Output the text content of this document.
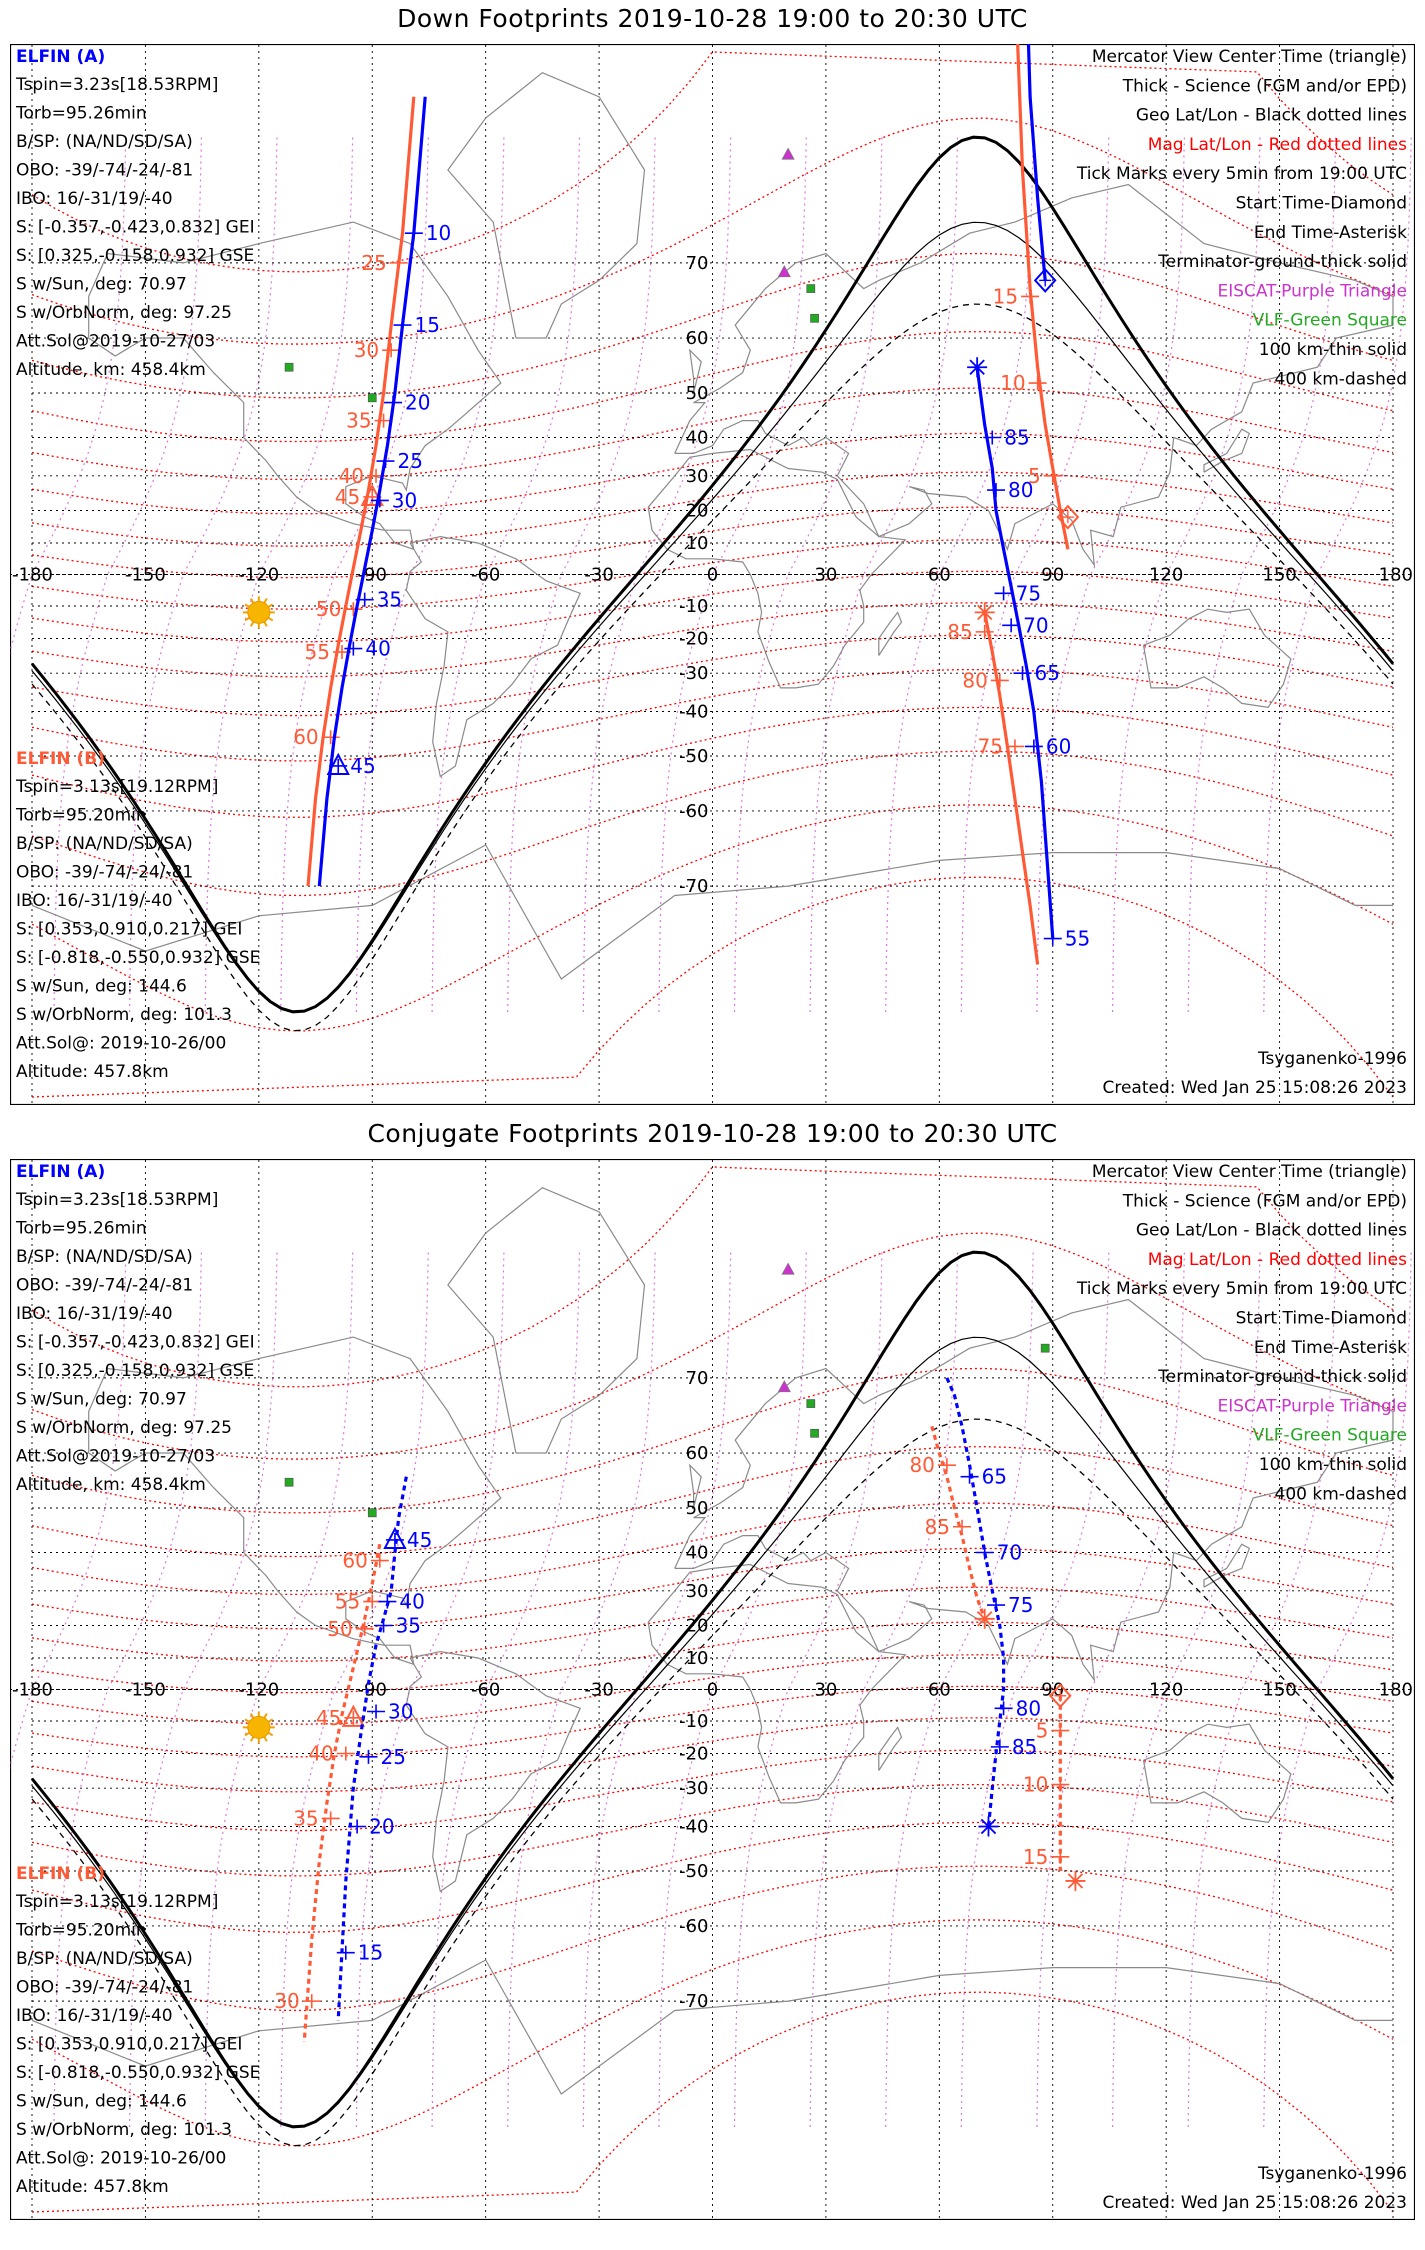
Down Footprints 2019-10-28 19:00 to 20:30 UTC
-180	-150	-120	-90	-60	-30	0	30	60	90	120	150	180
70
60
50
40
30
20
10
-10
-20
-30
-40
-50
-60
-70
25
30
35
40
45
50
55
60
10
15
20
25
30
35
40
45
15
10
5
85
80
75
85
80
75
70
65
60
55
ELFIN (A)
Tspin=3.23s[18.53RPM]
Torb=95.26min
B/SP: (NA/ND/SD/SA)
OBO: -39/-74/-24/-81
IBO: 16/-31/19/-40
S: [-0.357,-0.423,0.832] GEI
S: [0.325,-0.158,0.932] GSE
S w/Sun, deg: 70.97
S w/OrbNorm, deg: 97.25
Att.Sol@2019-10-27/03
Altitude, km: 458.4km
ELFIN (B)
Tspin=3.13s[19.12RPM]
Torb=95.20min
B/SP: (NA/ND/SD/SA)
OBO: -39/-74/-24/-81
IBO: 16/-31/19/-40
S: [0.353,0.910,0.217] GEI
S: [-0.818,-0.550,0.932] GSE
S w/Sun, deg: 144.6
S w/OrbNorm, deg: 101.3
Att.Sol@: 2019-10-26/00
Altitude: 457.8km
Mercator View Center Time (triangle)
Thick - Science (FGM and/or EPD)
Geo Lat/Lon - Black dotted lines
Mag Lat/Lon - Red dotted lines
Tick Marks every 5min from 19:00 UTC
Start Time-Diamond
End Time-Asterisk
Terminator-ground-thick solid
EISCAT-Purple Triangle
VLF-Green Square
100 km-thin solid
400 km-dashed
Tsyganenko-1996
Created: Wed Jan 25 15:08:26 2023
Conjugate Footprints 2019-10-28 19:00 to 20:30 UTC
-180	-150	-120	-90	-60	-30	0	30	60	90	120	150	180
70
60
50
40
30
20
10
-10
-20
-30
-40
-50
-60
-70
60
55
50
45
40
35
30
45
40
35
30
25
20
15
80
85
5
10
15
65
70
75
80
85
ELFIN (A)
Tspin=3.23s[18.53RPM]
Torb=95.26min
B/SP: (NA/ND/SD/SA)
OBO: -39/-74/-24/-81
IBO: 16/-31/19/-40
S: [-0.357,-0.423,0.832] GEI
S: [0.325,-0.158,0.932] GSE
S w/Sun, deg: 70.97
S w/OrbNorm, deg: 97.25
Att.Sol@2019-10-27/03
Altitude, km: 458.4km
ELFIN (B)
Tspin=3.13s[19.12RPM]
Torb=95.20min
B/SP: (NA/ND/SD/SA)
OBO: -39/-74/-24/-81
IBO: 16/-31/19/-40
S: [0.353,0.910,0.217] GEI
S: [-0.818,-0.550,0.932] GSE
S w/Sun, deg: 144.6
S w/OrbNorm, deg: 101.3
Att.Sol@: 2019-10-26/00
Altitude: 457.8km
Mercator View Center Time (triangle)
Thick - Science (FGM and/or EPD)
Geo Lat/Lon - Black dotted lines
Mag Lat/Lon - Red dotted lines
Tick Marks every 5min from 19:00 UTC
Start Time-Diamond
End Time-Asterisk
Terminator-ground-thick solid
EISCAT-Purple Triangle
VLF-Green Square
100 km-thin solid
400 km-dashed
Tsyganenko-1996
Created: Wed Jan 25 15:08:26 2023
